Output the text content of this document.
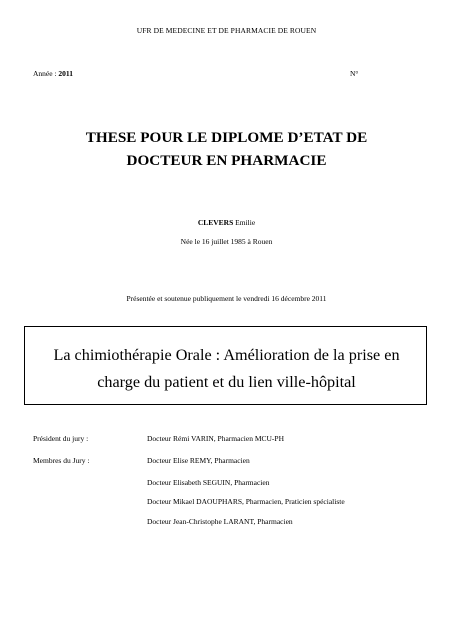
UFR DE MEDECINE ET DE PHARMACIE DE ROUEN
Année : 2011	N°
THESE POUR LE DIPLOME D’ETAT DE
DOCTEUR EN PHARMACIE
CLEVERS Emilie
Née le 16 juillet 1985 à Rouen
Présentée et soutenue publiquement le vendredi 16 décembre 2011
La chimiothérapie Orale : Amélioration de la prise en
charge du patient et du lien ville-hôpital
Président du jury :	Docteur Rémi VARIN, Pharmacien MCU-PH
Membres du Jury :	Docteur Elise REMY, Pharmacien
Docteur Elisabeth SEGUIN, Pharmacien
Docteur Mikael DAOUPHARS, Pharmacien, Praticien spécialiste
Docteur Jean-Christophe LARANT, Pharmacien
